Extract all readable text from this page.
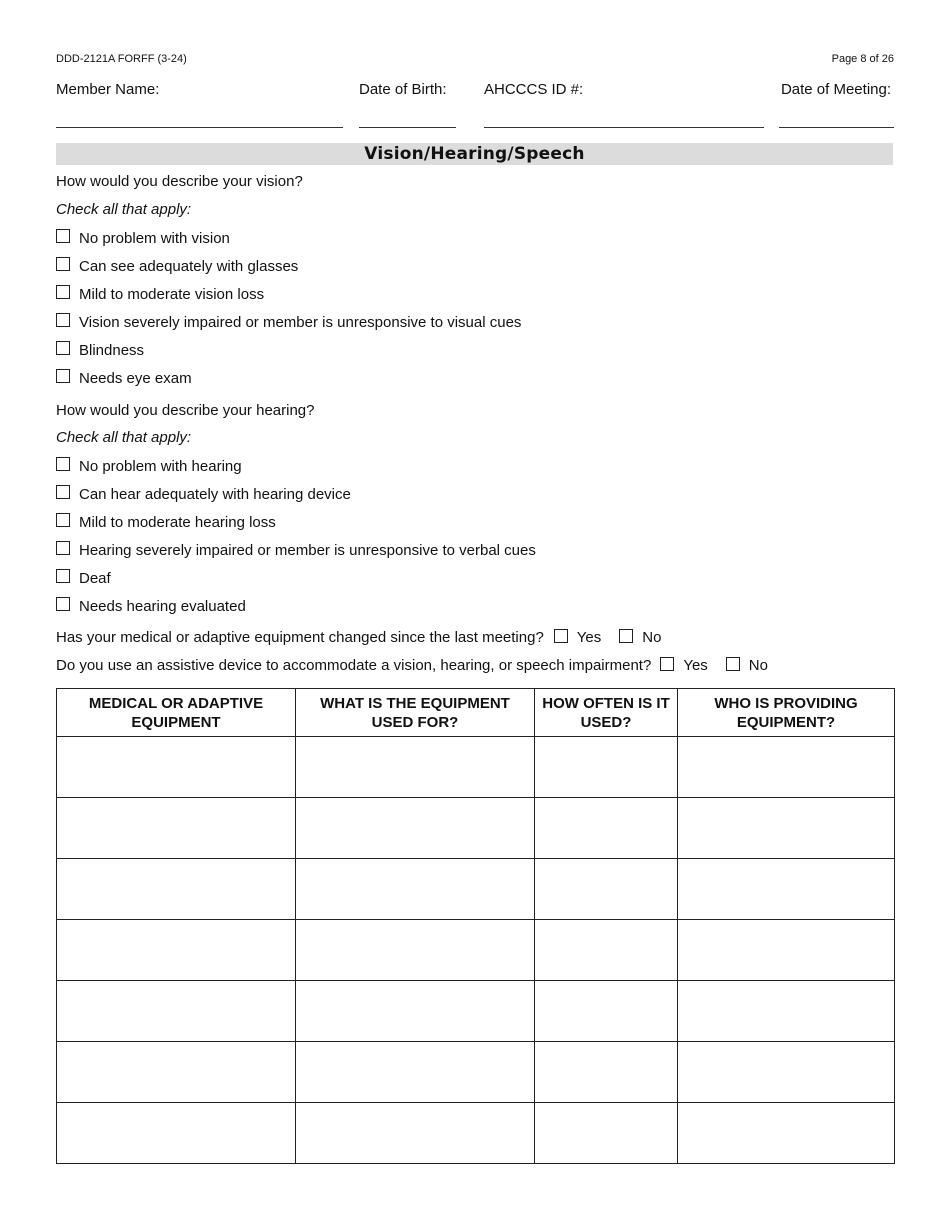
DDD-2121A FORFF (3-24)	Page 8 of 26
Member Name:	Date of Birth: AHCCCS ID #:	Date of Meeting:
Vision/Hearing/Speech
How would you describe your vision?
Check all that apply:
No problem with vision
Can see adequately with glasses
Mild to moderate vision loss
Vision severely impaired or member is unresponsive to visual cues
Blindness
Needs eye exam
How would you describe your hearing?
Check all that apply:
No problem with hearing
Can hear adequately with hearing device
Mild to moderate hearing loss
Hearing severely impaired or member is unresponsive to verbal cues
Deaf
Needs hearing evaluated
Has your medical or adaptive equipment changed since the last meeting? Yes	No
Do you use an assistive device to accommodate a vision, hearing, or speech impairment? Yes	No
MEDICAL OR ADAPTIVE EQUIPMENT	WHAT IS THE EQUIPMENT USED FOR?	HOW OFTEN IS IT USED?	WHO IS PROVIDING EQUIPMENT?
